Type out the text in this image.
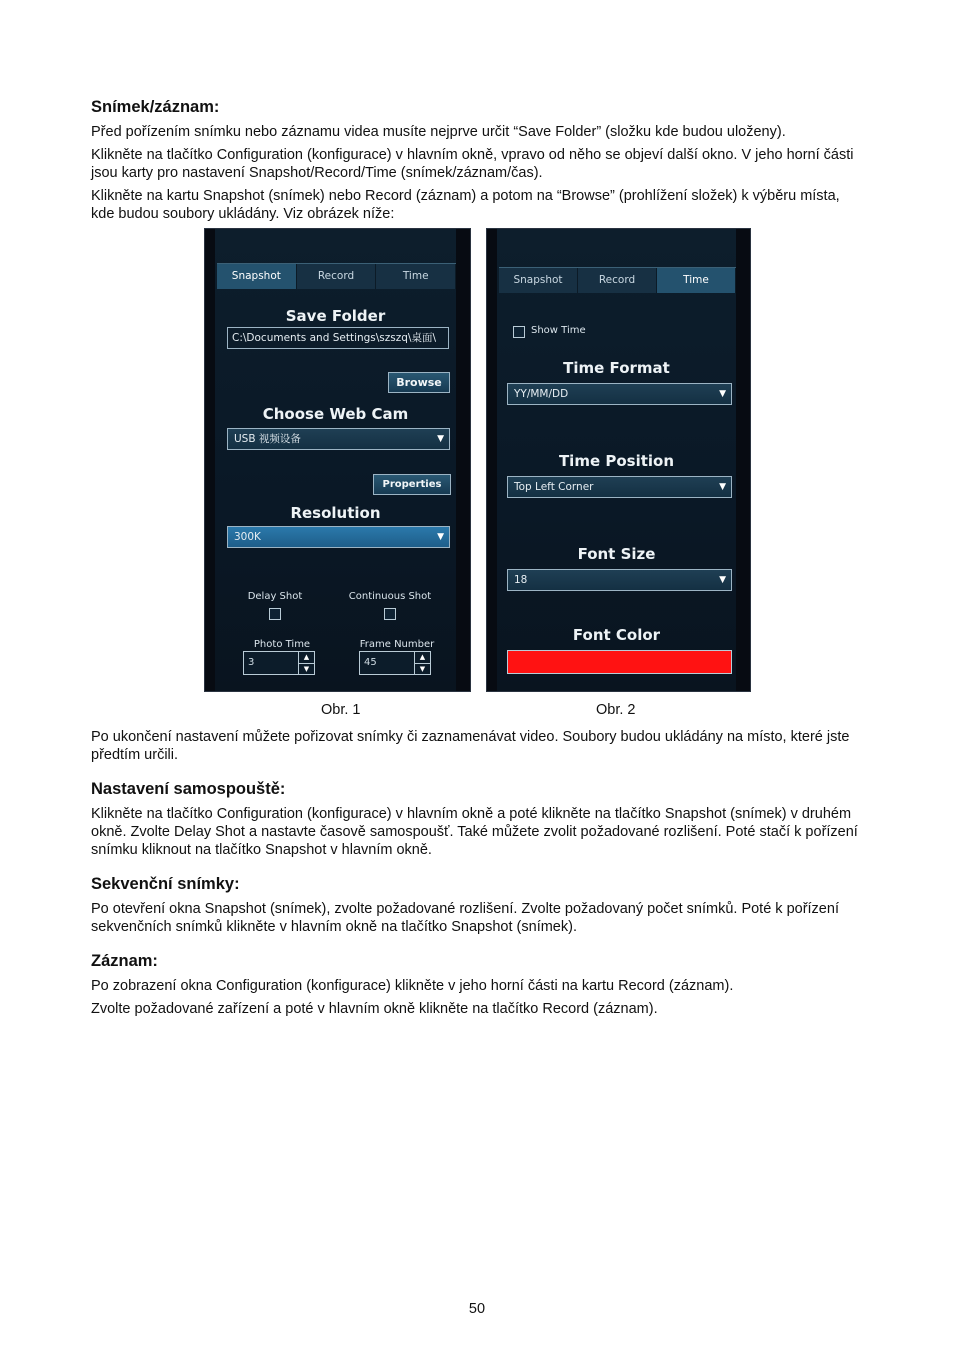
Snímek/záznam:

Před pořízením snímku nebo záznamu videa musíte nejprve určit “Save Folder” (složku kde budou uloženy).

Klikněte na tlačítko Configuration (konfigurace) v hlavním okně, vpravo od něho se objeví další okno. V jeho horní části jsou karty pro nastavení Snapshot/Record/Time (snímek/záznam/čas).

Klikněte na kartu Snapshot (snímek) nebo Record (záznam) a potom na “Browse” (prohlížení složek) k výběru místa, kde budou soubory ukládány. Viz obrázek níže:

Snapshot	Record	Time
Save Folder
C:\Documents and Settings\szszq\桌面\
Browse
Choose Web Cam
USB 视频设备	▼
Properties
Resolution
300K	▼
Delay Shot	Continuous Shot
Photo Time
3	▲
▼
Frame Number
45	▲
▼
Snapshot	Record	Time
Show Time
Time Format
YY/MM/DD	▼
Time Position
Top Left Corner	▼
Font Size
18	▼
Font Color
Obr. 1	Obr. 2

Po ukončení nastavení můžete pořizovat snímky či zaznamenávat video. Soubory budou ukládány na místo, které jste předtím určili.

Nastavení samospouště:

Klikněte na tlačítko Configuration (konfigurace) v hlavním okně a poté klikněte na tlačítko Snapshot (snímek) v druhém okně. Zvolte Delay Shot a nastavte časově samospoušť. Také můžete zvolit požadované rozlišení. Poté stačí k pořízení snímku kliknout na tlačítko Snapshot v hlavním okně.

Sekvenční snímky:

Po otevření okna Snapshot (snímek), zvolte požadované rozlišení. Zvolte požadovaný počet snímků. Poté k pořízení sekvenčních snímků klikněte v hlavním okně na tlačítko Snapshot (snímek).

Záznam:

Po zobrazení okna Configuration (konfigurace) klikněte v jeho horní části na kartu Record (záznam).

Zvolte požadované zařízení a poté v hlavním okně klikněte na tlačítko Record (záznam).

50
